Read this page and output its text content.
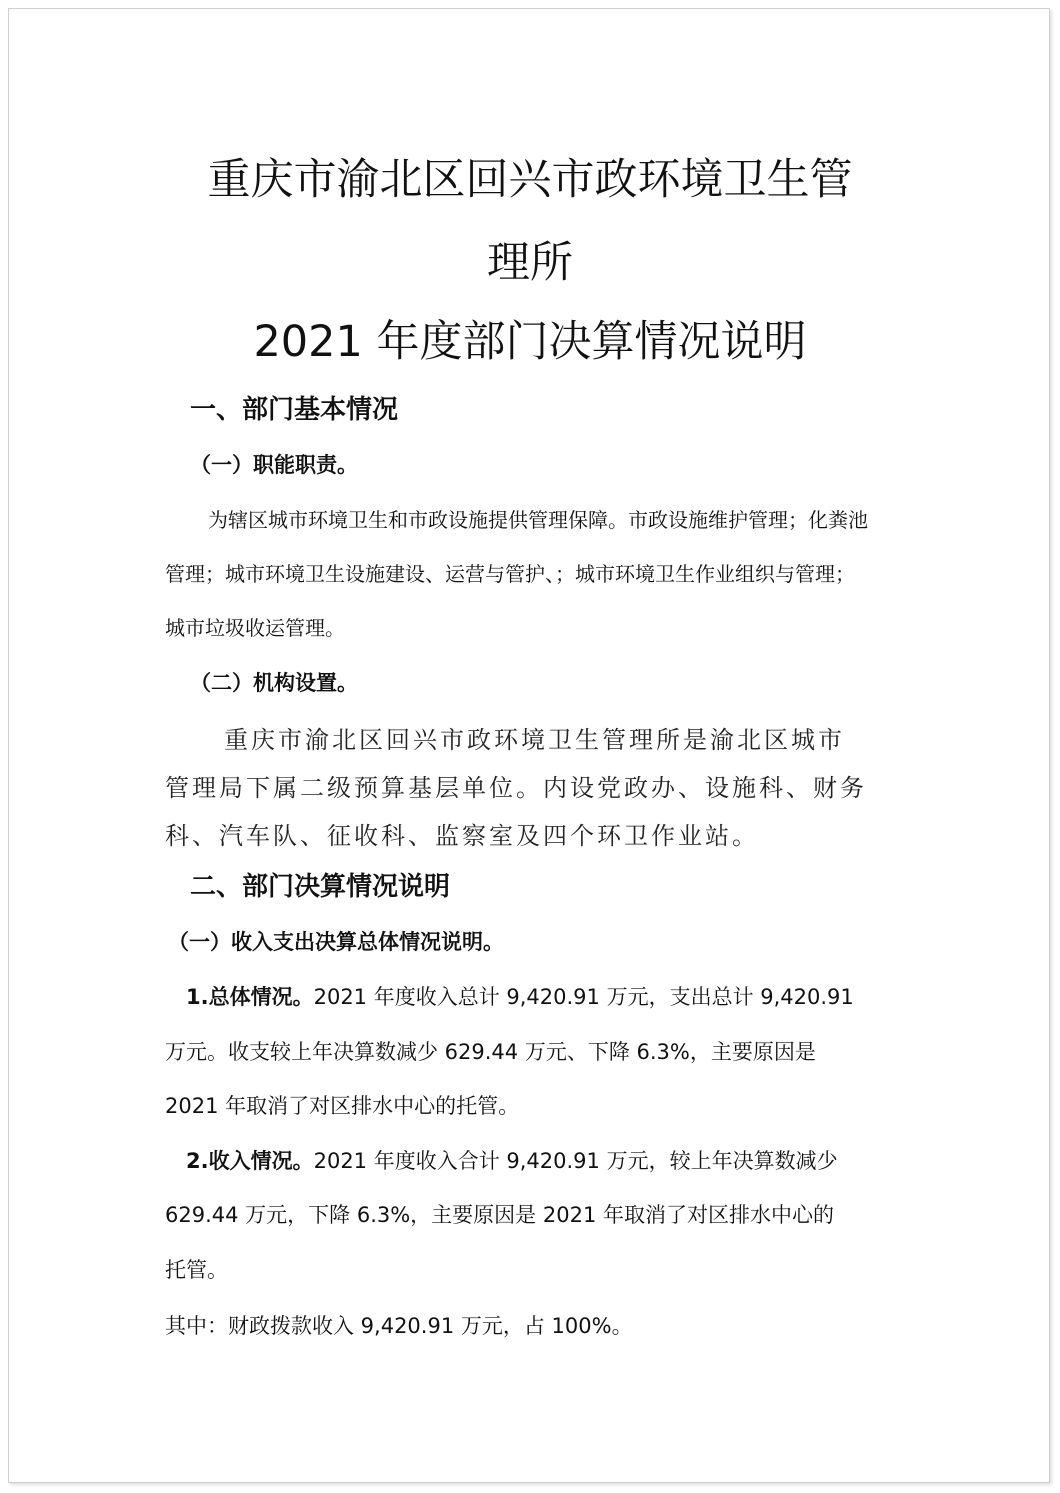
重庆市渝北区回兴市政环境卫生管
理所
2021 年度部门决算情况说明
一、部门基本情况
（一）职能职责。
为辖区城市环境卫生和市政设施提供管理保障。市政设施维护管理；化粪池
管理；城市环境卫生设施建设、运营与管护、；城市环境卫生作业组织与管理；
城市垃圾收运管理。
（二）机构设置。
重庆市渝北区回兴市政环境卫生管理所是渝北区城市
管理局下属二级预算基层单位。内设党政办、设施科、财务
科、汽车队、征收科、监察室及四个环卫作业站。
二、部门决算情况说明
（一）收入支出决算总体情况说明。
1.总体情况。2021 年度收入总计 9,420.91 万元，支出总计 9,420.91
万元。收支较上年决算数减少 629.44 万元、下降 6.3%，主要原因是
2021 年取消了对区排水中心的托管。
2.收入情况。2021 年度收入合计 9,420.91 万元，较上年决算数减少
629.44 万元，下降 6.3%，主要原因是 2021 年取消了对区排水中心的
托管。
其中：财政拨款收入 9,420.91 万元，占 100%。
